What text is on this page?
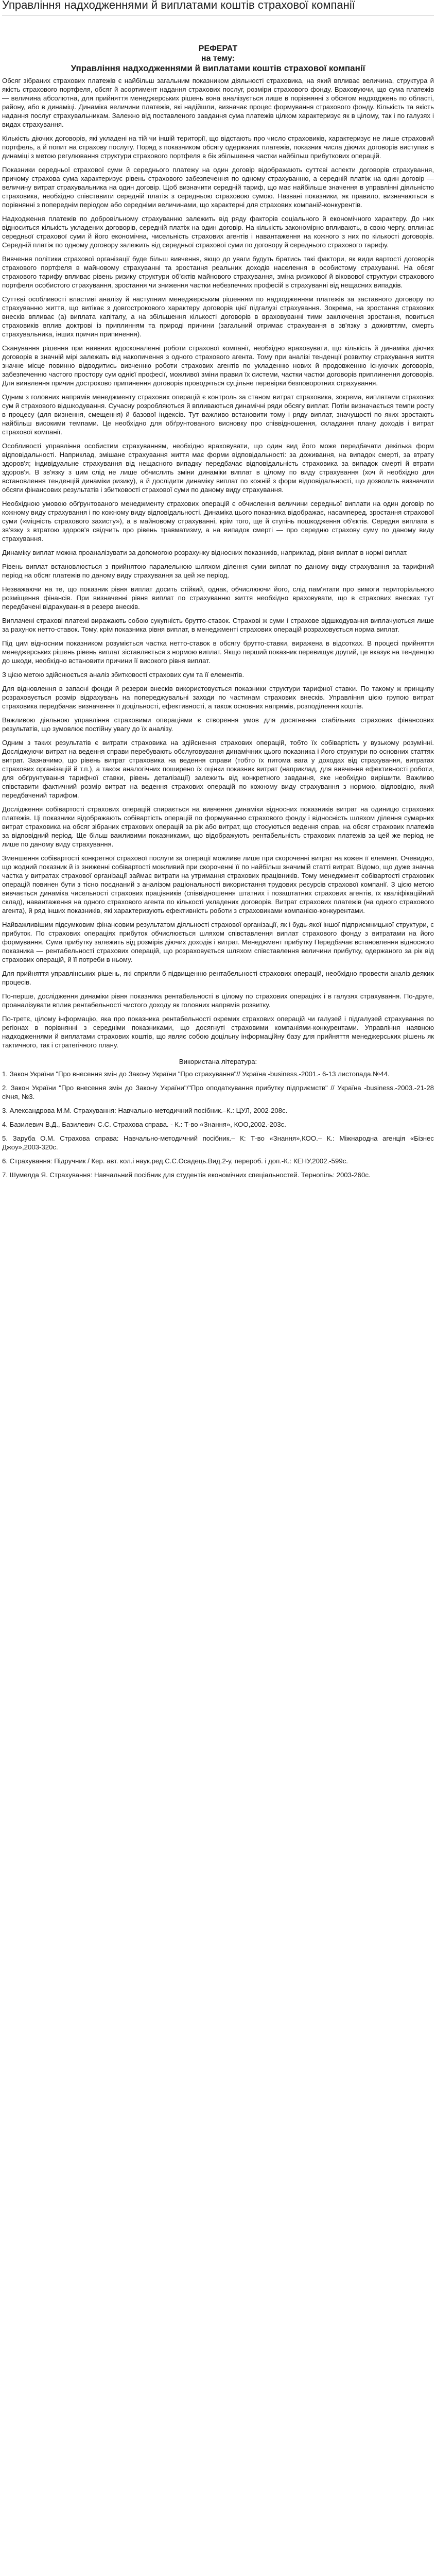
Управління надходженнями й виплатами коштів страхової компанії
РЕФЕРАТ
на тему:
Управління надходженнями й виплатами коштів страхової компанії

Обсяг зібраних страхових платежів є найбільш загальним показником діяльності страховика, на який впливає величина, структура й якість страхового портфеля, обсяг й асортимент надання страхових послуг, розміри страхового фонду. Враховуючи, що сума платежів — величина абсолютна, для прийняття менеджерських рішень вона аналізується лише в порівнянні з обсягом надходжень по області, району, або в динаміці. Динаміка величини платежів, які надійшли, визначає процес формування страхового фонду. Кількість та якість надання послуг страхувальникам. Залежно від поставленого завдання сума платежів цілком характеризує як в цілому, так і по галузях і видах страхування.

Кількість діючих договорів, які укладені на тій чи іншій території, що відстають про число страховиків, характеризує не лише страховий портфель, а й попит на страхову послугу. Поряд з показником обсягу одержаних платежів, показник числа діючих договорів виступає в динаміці з метою регулювання структури страхового портфеля в бік збільшення частки найбільш прибуткових операцій.

Показники середньої страхової суми й середнього платежу на один договір відображають суттєві аспекти договорів страхування, причому страхова сума характеризує рівень страхового забезпечення по одному страхуванню, а середній платіж на один договір — величину витрат страхувальника на один договір. Щоб визначити середній тариф, що має найбільше значення в управлінні діяльністю страховика, необхідно співставити середній платіж з середньою страховою сумою. Названі показники, як правило, визначаються в порівнянні з попереднім періодом або середніми величинами, що характерні для страхових компаній-конкурентів.

Надходження платежів по добровільному страхуванню залежить від ряду факторів соціального й економічного характеру. До них відноситься кількість укладених договорів, середній платіж на один договір. На кількість закономірно впливають, в свою чергу, вплинає середньої страхової суми й його економічна, чисельність страхових агентів і навантаження на кожного з них по кількості договорів. Середній платіж по одному договору залежить від середньої страхової суми по договору й середнього страхового тарифу.

Вивчення політики страхової організації буде більш вивчення, якщо до уваги будуть братись такі фактори, як види вартості договорів страхового портфеля в майновому страхуванні та зростання реальних доходів населення в особистому страхуванні. На обсяг страхового тарифу впливає рівень ризику структури об'єктів майнового страхування, зміна ризикової й віковової структури страхового портфеля особистого страхування, зростання чи зниження частки небезпечних професій в страхуванні від нещасних випадків.

Суттєві особливості властиві аналізу й наступним менеджерським рішенням по надходженням платежів за заставного договору по страхуванню життя, що витікає з довгострокового характеру договорів цієї підгалузі страхування. Зокрема, на зростання страхових внесків впливає (а) виплата капіталу, а на збільшення кількості договорів в враховуванні тими заключення зростання, повиться страховиків вплив доктрові із приплинням та природі причини (загальний отримає страхування в зв'язку з доживттям, смерть страхувальника, інших причин припинення).

Сканування рішення при наявних вдосконаленні роботи страхової компанії, необхідно враховувати, що кількість й динаміка діючих договорів в значній мірі залежать від накопичення з одного страхового агента. Тому при аналізі тенденції розвитку страхування життя значне місце повинно відводитись вивченню роботи страхових агентів по укладенню нових й продовженню існуючих договорів, забезпеченню частого простору сум однієї професії, можливої зміни правил їх системи, частки частки договорів приплинення договорів. Для виявлення причин достроково припинення договорів проводяться суцільне перевірки безповоротних страхування.

Одним з головних напрямів менеджменту страхових операцій є контроль за станом витрат страховика, зокрема, виплатами страхових сум й страхового відшкодування. Сучасну розробляються й впливаються динамічні ряди обсягу виплат. Потім визначається темпи росту в процесу (для визнення, смещення) й базової індексів. Тут важливо встановити тому і ряду виплат, значущості по яких зростають найбільш високими темпами. Це необхідно для обґрунтованого висновку про співвідношення, складання плану доходів і витрат страхової компанії.

Особливості управління особистим страхуванням, необхідно враховувати, що один вид його може передбачати декілька форм відповідальності. Наприклад, змішане страхування життя має форми відповідальності: за доживання, на випадок смерті, за втрату здоров'я; індивідуальне страхування від нещасного випадку передбачає відповідальність страховика за випадок смерті й втрати здоров'я. В зв'язку з цим слід не лише обчислить зміни динаміки виплат в цілому по виду страхування (хоч й необхідно для встановлення тенденцій динаміки ризику), а й дослідити динаміку виплат по кожній з форм відповідальності, що дозволить визначити обсяги фінансових результатів і збитковості страхової суми по даному виду страхування.

Необхідною умовою обґрунтованого менеджменту страхових операцій є обчислення величини середньої виплати на один договір по кожному виду страхування і по кожному виду відповідальності. Динаміка цього показника відображає, насамперед, зростання страхової суми («міцність страхового захисту»), а в майновому страхуванні, крім того, ще й ступінь пошкодження об'єктів. Середня виплата в зв'язку з втратою здоров'я свідчить про рівень травматизму, а на випадок смерті — про середню страхову суму по даному виду страхування.

Динаміку виплат можна проаналізувати за допомогою розрахунку відносних показників, наприклад, рівня виплат в нормі виплат.

Рівень виплат встановлюється з прийнятою паралельною шляхом ділення суми виплат по даному виду страхування за тарифний період на обсяг платежів по даному виду страхування за цей же період.

Незважаючи на те, що показник рівня виплат досить стійкий, однак, обчислюючи його, слід пам'ятати про вимоги територіального розміщення фінансів. При визначенні рівня виплат по страхуванню життя необхідно враховувати, що в страхових внесках тут передбачені відрахування в резерв внесків.

Виплачені страхові платежі виражають собою сукупність брутто-ставок. Страхові ж суми і страхове відшкодування виплачуються лише за рахунок нетто-ставок. Тому, крім показника рівня виплат, в менеджменті страхових операцій розраховується норма виплат.

Під цим відносним показником розуміється частка нетто-ставок в обсягу брутто-ставки, виражена в відсотках. В процесі прийняття менеджерських рішень рівень виплат зіставляється з нормою виплат. Якщо перший показник перевищує другий, це вказує на тенденцію до шкоди, необхідно встановити причини її високого рівня виплат.

З цією метою здійснюється аналіз збитковості страхових сум та її елементів.

Для відновлення в запасні фонди й резерви внесків використовується показники структури тарифної ставки. По такому ж принципу розраховується розмір відрахувань на попереджувальні заходи по частинам страхових внесків. Управління цією групою витрат страховика передбачає визначення її доцільності, ефективності, а також основних напрямів, розподілення коштів.

Важливою діяльною управління страховими операціями є створення умов для досягнення стабільних страхових фінансових результатів, що зумовлює постійну увагу до їх аналізу.

Одним з таких результатів є витрати страховика на здійснення страхових операцій, тобто їх собівартість у вузькому розумінні. Досліджуючи витрат на ведення справи перебувають обслуговування динамічних цього показника і його структури по основних статтях витрат. Зазначимо, що рівень витрат страховика на ведення справи (тобто їх питома вага у доходах від страхування, витратах страхових організацій й т.п.), а також аналогічних поширено їх оцінки показник витрат (наприклад, для вивчення ефективності роботи, для обґрунтування тарифної ставки, рівень деталізації) залежить від конкретного завдання, яке необхідно вирішити. Важливо співставити фактичний розмір витрат на ведення страхових операцій по кожному виду страхування з нормою, відповідно, який передбачений тарифом.

Дослідження собівартості страхових операцій спирається на вивчення динаміки відносних показників витрат на одиницю страхових платежів. Ці показники відображають собівартість операцій по формуванню страхового фонду і відносність шляхом ділення сумарних витрат страховика на обсяг зібраних страхових операцій за рік або витрат, що стосуються ведення справ, на обсяг страхових платежів за відповідний період. Ще більш важливими показниками, що відображують рентабельність страхових платежів за цей же період не лише по даному виду страхування.

Зменшення собівартості конкретної страхової послуги за операції можливе лише при скороченні витрат на кожен її елемент. Очевидно, що жодний показник й із зниженні собівартості можливий при скороченні її по найбільш значимій статті витрат. Відомо, що дуже значна частка у витратах страхової організації займає витрати на утримання страхових працівників. Тому менеджмент собівартості страхових операцій повинен бути з тісно поєднаний з аналізом раціональності використання трудових ресурсів страхової компанії. З цією метою вивчається динаміка чисельності страхових працівників (співвідношення штатних і позаштатних страхових агентів, їх кваліфікаційний склад), навантаження на одного страхового агента по кількості укладених договорів. Витрат страхових платежів (на одного страхового агента), й ряд інших показників, які характеризують ефективність роботи з страховиками компанією-конкурентами.

Найважливішим підсумковим фінансовим результатом діяльності страхової організації, як і будь-якої іншої підприємницької структури, є прибуток. По страхових операціях прибуток обчислюється шляхом співставлення виплат страхового фонду з витратами на його формування. Сума прибутку залежить від розмірів діючих доходів і витрат. Менеджмент прибутку Передбачає встановлення відносного показника — рентабельності страхових операцій, що розраховується шляхом співставлення величини прибутку, одержаного за рік від страхових операцій, й її потреби в ньому.

Для прийняття управлінських рішень, які сприяли б підвищенню рентабельності страхових операцій, необхідно провести аналіз деяких процесів.

По-перше, дослідження динаміки рівня показника рентабельності в цілому по страхових операціях і в галузях страхування. По-друге, проаналізувати вплив рентабельності чистого доходу як головних напрямів розвитку.

По-третє, цілому інформацію, яка про показника рентабельності окремих страхових операцій чи галузей і підгалузей страхування по регіонах в порівнянні з середніми показниками, що досягнуті страховими компаніями-конкурентами. Управління наявною надходженнями й виплатами страхових коштів, що являє собою доцільну інформаційну базу для прийняття менеджерських рішень як тактичного, так і стратегічного плану.

Використана література:
1. Закон України "Про внесення змін до Закону України "Про страхування"// Україна -business.-2001.- 6-13 листопада.№44.
2. Закон України "Про внесення змін до Закону України"/"Про оподаткування прибутку підприємств" // Україна -business.-2003.-21-28 січня, №3.
3. Александрова М.М. Страхування: Навчально-методичний посібник.–К.: ЦУЛ, 2002-208с.
4. Базилевич В.Д., Базилевич С.С. Страхова справа. - К.: Т-во «Знання», КОО,2002.-203с.
5. Заруба О.М. Страхова справа: Навчально-методичний посібник.– К: Т-во «Знання»,КОО.– К.: Міжнародна агенція «Бізнес Джоу»,2003-320с.
6. Страхування: Підручник / Кер. авт. кол.і наук.ред.С.С.Осадець.Вид.2-у, перероб. і доп.-К.: КЕНУ,2002.-599с.
7. Шумелда Я. Страхування: Навчальний посібник для студентів економічних спеціальностей. Тернопіль: 2003-260с.
